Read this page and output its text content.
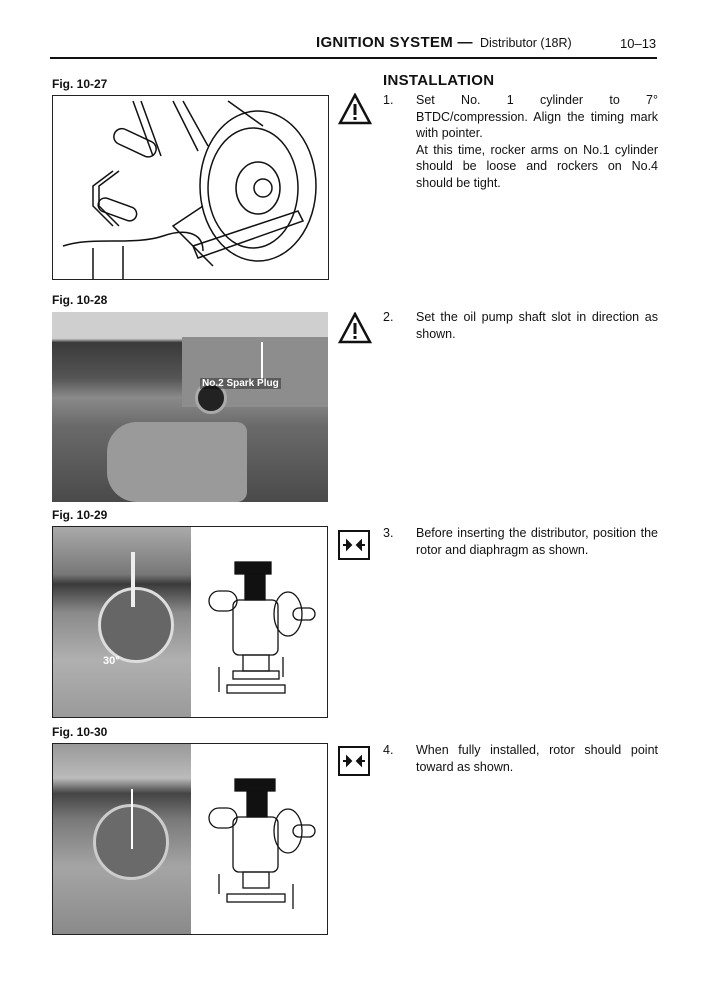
IGNITION SYSTEM — Distributor (18R)	10–13
Fig. 10-27	INSTALLATION
1. Set No. 1 cylinder to 7° BTDC/compression. Align the timing mark with pointer.

At this time, rocker arms on No.1 cylinder should be loose and rockers on No.4 should be tight.

Fig. 10-28
No.2 Spark Plug
2. Set the oil pump shaft slot in direction as shown.

Fig. 10-29
30°
3. Before inserting the distributor, position the rotor and diaphragm as shown.

Fig. 10-30
4. When fully installed, rotor should point toward as shown.
